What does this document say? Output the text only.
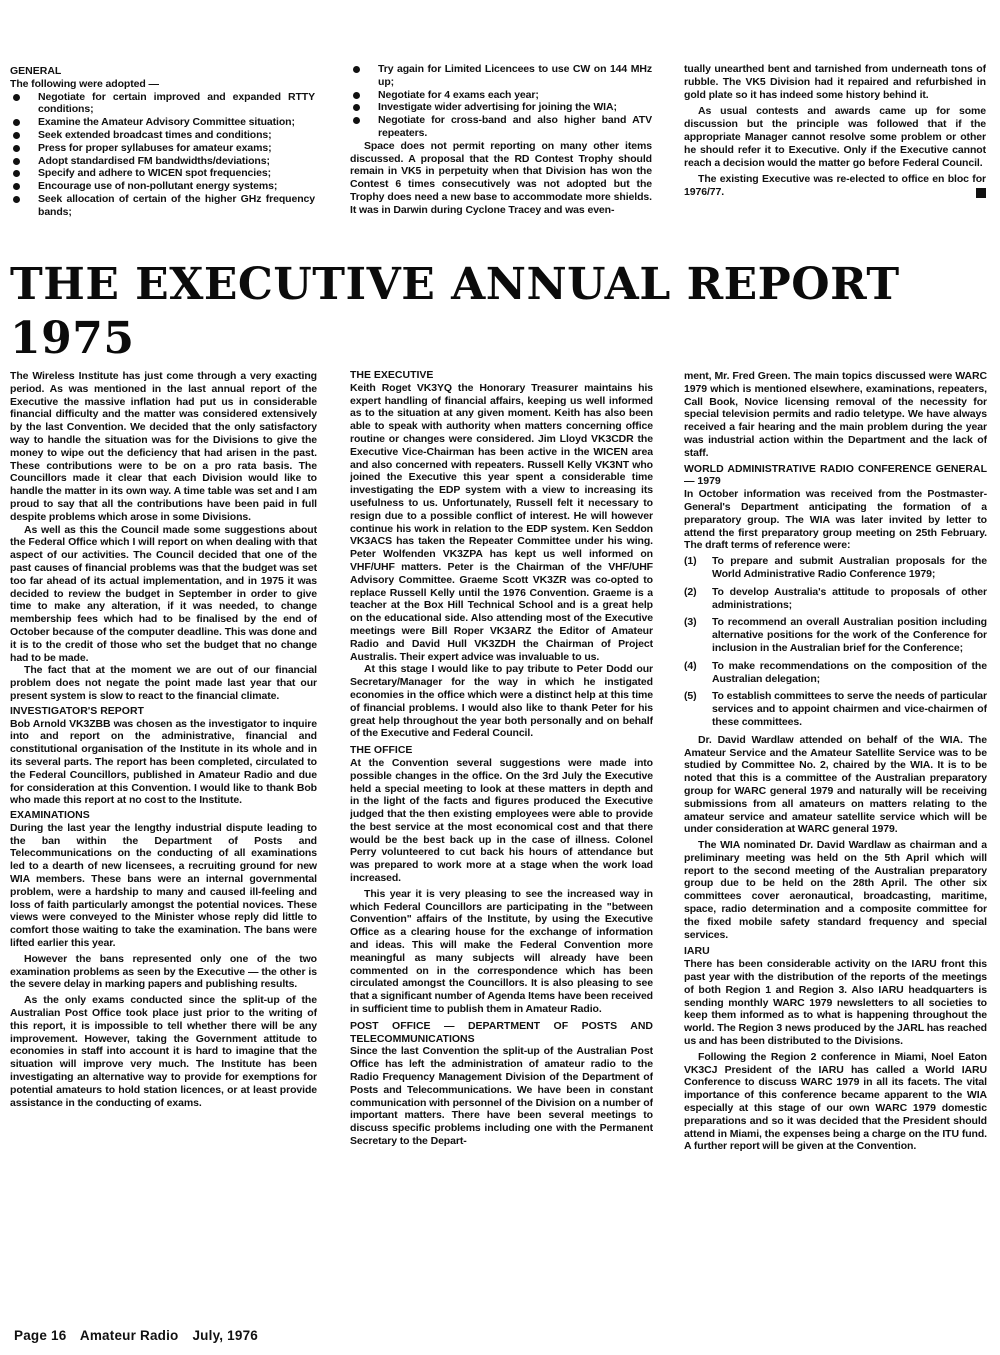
GENERAL

The following were adopted —

Negotiate for certain improved and expanded RTTY conditions;
Examine the Amateur Advisory Committee situation;
Seek extended broadcast times and conditions;
Press for proper syllabuses for amateur exams;
Adopt standardised FM bandwidths/deviations;
Specify and adhere to WICEN spot frequencies;
Encourage use of non-pollutant energy systems;
Seek allocation of certain of the higher GHz frequency bands;
Try again for Limited Licencees to use CW on 144 MHz up;
Negotiate for 4 exams each year;
Investigate wider advertising for joining the WIA;
Negotiate for cross-band and also higher band ATV repeaters.

Space does not permit reporting on many other items discussed. A proposal that the RD Contest Trophy should remain in VK5 in perpetuity when that Division has won the Contest 6 times consecutively was not adopted but the Trophy does need a new base to accommodate more shields. It was in Darwin during Cyclone Tracey and was even-

tually unearthed bent and tarnished from underneath tons of rubble. The VK5 Division had it repaired and refurbished in gold plate so it has indeed some history behind it.

As usual contests and awards came up for some discussion but the principle was followed that if the appropriate Manager cannot resolve some problem or other he should refer it to Executive. Only if the Executive cannot reach a decision would the matter go before Federal Council.

The existing Executive was re-elected to office en bloc for 1976/77.

THE EXECUTIVE ANNUAL REPORT
1975

The Wireless Institute has just come through a very exacting period. As was mentioned in the last annual report of the Executive the massive inflation had put us in considerable financial difficulty and the matter was considered extensively by the last Convention. We decided that the only satisfactory way to handle the situation was for the Divisions to give the money to wipe out the deficiency that had arisen in the past. These contributions were to be on a pro rata basis. The Councillors made it clear that each Division would like to handle the matter in its own way. A time table was set and I am proud to say that all the contributions have been paid in full despite problems which arose in some Divisions.

As well as this the Council made some suggestions about the Federal Office which I will report on when dealing with that aspect of our activities. The Council decided that one of the past causes of financial problems was that the budget was set too far ahead of its actual implementation, and in 1975 it was decided to review the budget in September in order to give time to make any alteration, if it was needed, to change membership fees which had to be finalised by the end of October because of the computer deadline. This was done and it is to the credit of those who set the budget that no change had to be made.

The fact that at the moment we are out of our financial problem does not negate the point made last year that our present system is slow to react to the financial climate.

INVESTIGATOR'S REPORT

Bob Arnold VK3ZBB was chosen as the investigator to inquire into and report on the administrative, financial and constitutional organisation of the Institute in its whole and in its several parts. The report has been completed, circulated to the Federal Councillors, published in Amateur Radio and due for consideration at this Convention. I would like to thank Bob who made this report at no cost to the Institute.

EXAMINATIONS

During the last year the lengthy industrial dispute leading to the ban within the Department of Posts and Telecommunications on the conducting of all examinations led to a dearth of new licensees, a recruiting ground for new WIA members. These bans were an internal governmental problem, were a hardship to many and caused ill-feeling and loss of faith particularly amongst the potential novices. These views were conveyed to the Minister whose reply did little to comfort those waiting to take the examination. The bans were lifted earlier this year.

However the bans represented only one of the two examination problems as seen by the Executive — the other is the severe delay in marking papers and publishing results.

As the only exams conducted since the split-up of the Australian Post Office took place just prior to the writing of this report, it is impossible to tell whether there will be any improvement. However, taking the Government attitude to economies in staff into account it is hard to imagine that the situation will improve very much. The Institute has been investigating an alternative way to provide for exemptions for potential amateurs to hold station licences, or at least provide assistance in the conducting of exams.

THE EXECUTIVE

Keith Roget VK3YQ the Honorary Treasurer maintains his expert handling of financial affairs, keeping us well informed as to the situation at any given moment. Keith has also been able to speak with authority when matters concerning office routine or changes were considered. Jim Lloyd VK3CDR the Executive Vice-Chairman has been active in the WICEN area and also concerned with repeaters. Russell Kelly VK3NT who joined the Executive this year spent a considerable time investigating the EDP system with a view to increasing its usefulness to us. Unfortunately, Russell felt it necessary to resign due to a possible conflict of interest. He will however continue his work in relation to the EDP system. Ken Seddon VK3ACS has taken the Repeater Committee under his wing. Peter Wolfenden VK3ZPA has kept us well informed on VHF/UHF matters. Peter is the Chairman of the VHF/UHF Advisory Committee. Graeme Scott VK3ZR was co-opted to replace Russell Kelly until the 1976 Convention. Graeme is a teacher at the Box Hill Technical School and is a great help on the educational side. Also attending most of the Executive meetings were Bill Roper VK3ARZ the Editor of Amateur Radio and David Hull VK3ZDH the Chairman of Project Australis. Their expert advice was invaluable to us.

At this stage I would like to pay tribute to Peter Dodd our Secretary/Manager for the way in which he instigated economies in the office which were a distinct help at this time of financial problems. I would also like to thank Peter for his great help throughout the year both personally and on behalf of the Executive and Federal Council.

THE OFFICE

At the Convention several suggestions were made into possible changes in the office. On the 3rd July the Executive held a special meeting to look at these matters in depth and in the light of the facts and figures produced the Executive judged that the then existing employees were able to provide the best service at the most economical cost and that there would be the best back up in the case of illness. Colonel Perry volunteered to cut back his hours of attendance but was prepared to work more at a stage when the work load increased.

This year it is very pleasing to see the increased way in which Federal Councillors are participating in the "between Convention" affairs of the Institute, by using the Executive Office as a clearing house for the exchange of information and ideas. This will make the Federal Convention more meaningful as many subjects will already have been commented on in the correspondence which has been circulated amongst the Councillors. It is also pleasing to see that a significant number of Agenda Items have been received in sufficient time to publish them in Amateur Radio.

POST OFFICE — DEPARTMENT OF POSTS AND TELECOMMUNICATIONS

Since the last Convention the split-up of the Australian Post Office has left the administration of amateur radio to the Radio Frequency Management Division of the Department of Posts and Telecommunications. We have been in constant communication with personnel of the Division on a number of important matters. There have been several meetings to discuss specific problems including one with the Permanent Secretary to the Depart-

ment, Mr. Fred Green. The main topics discussed were WARC 1979 which is mentioned elsewhere, examinations, repeaters, Call Book, Novice licensing removal of the necessity for special television permits and radio teletype. We have always received a fair hearing and the main problem during the year was industrial action within the Department and the lack of staff.

WORLD ADMINISTRATIVE RADIO CONFERENCE GENERAL — 1979

In October information was received from the Postmaster-General's Department anticipating the formation of a preparatory group. The WIA was later invited by letter to attend the first preparatory group meeting on 25th February. The draft terms of reference were:

(1) To prepare and submit Australian proposals for the World Administrative Radio Conference 1979;
(2) To develop Australia's attitude to proposals of other administrations;
(3) To recommend an overall Australian position including alternative positions for the work of the Conference for inclusion in the Australian brief for the Conference;
(4) To make recommendations on the composition of the Australian delegation;
(5) To establish committees to serve the needs of particular services and to appoint chairmen and vice-chairmen of these committees.

Dr. David Wardlaw attended on behalf of the WIA. The Amateur Service and the Amateur Satellite Service was to be studied by Committee No. 2, chaired by the WIA. It is to be noted that this is a committee of the Australian preparatory group for WARC general 1979 and naturally will be receiving submissions from all amateurs on matters relating to the amateur service and amateur satellite service which will be under consideration at WARC general 1979.

The WIA nominated Dr. David Wardlaw as chairman and a preliminary meeting was held on the 5th April which will report to the second meeting of the Australian preparatory group due to be held on the 28th April. The other six committees cover aeronautical, broadcasting, maritime, space, radio determination and a composite committee for the fixed mobile safety standard frequency and special services.

IARU

There has been considerable activity on the IARU front this past year with the distribution of the reports of the meetings of both Region 1 and Region 3. Also IARU headquarters is sending monthly WARC 1979 newsletters to all societies to keep them informed as to what is happening throughout the world. The Region 3 news produced by the JARL has reached us and has been distributed to the Divisions.

Following the Region 2 conference in Miami, Noel Eaton VK3CJ President of the IARU has called a World IARU Conference to discuss WARC 1979 in all its facets. The vital importance of this conference became apparent to the WIA especially at this stage of our own WARC 1979 domestic preparations and so it was decided that the President should attend in Miami, the expenses being a charge on the ITU fund. A further report will be given at the Convention.

Page 16 Amateur Radio July, 1976
